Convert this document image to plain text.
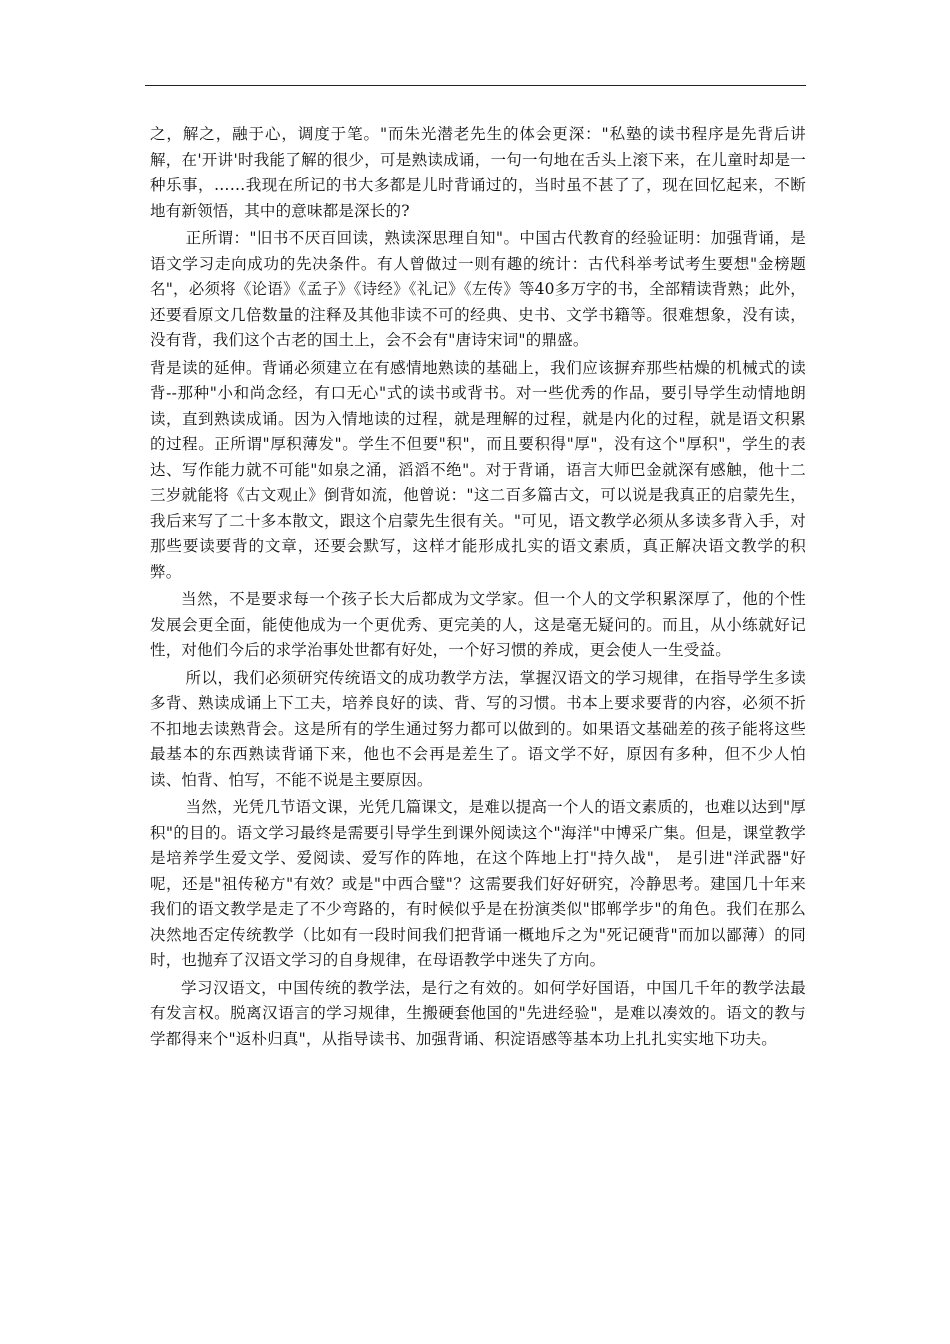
之，解之，融于心，调度于笔。"而朱光潜老先生的体会更深："私塾的读书程序是先背后讲解，在'开讲'时我能了解的很少，可是熟读成诵，一句一句地在舌头上滚下来，在儿童时却是一种乐事，……我现在所记的书大多都是儿时背诵过的，当时虽不甚了了，现在回忆起来，不断地有新领悟，其中的意味都是深长的?

正所谓："旧书不厌百回读，熟读深思理自知"。中国古代教育的经验证明：加强背诵，是语文学习走向成功的先决条件。有人曾做过一则有趣的统计：古代科举考试考生要想"金榜题名"，必须将《论语》《孟子》《诗经》《礼记》《左传》等40多万字的书，全部精读背熟；此外，还要看原文几倍数量的注释及其他非读不可的经典、史书、文学书籍等。很难想象，没有读，没有背，我们这个古老的国土上，会不会有"唐诗宋词"的鼎盛。

背是读的延伸。背诵必须建立在有感情地熟读的基础上，我们应该摒弃那些枯燥的机械式的读背--那种"小和尚念经，有口无心"式的读书或背书。对一些优秀的作品，要引导学生动情地朗读，直到熟读成诵。因为入情地读的过程，就是理解的过程，就是内化的过程，就是语文积累的过程。正所谓"厚积薄发"。学生不但要"积"，而且要积得"厚"，没有这个"厚积"，学生的表达、写作能力就不可能"如泉之涌，滔滔不绝"。对于背诵，语言大师巴金就深有感触，他十二三岁就能将《古文观止》倒背如流，他曾说："这二百多篇古文，可以说是我真正的启蒙先生，我后来写了二十多本散文，跟这个启蒙先生很有关。"可见，语文教学必须从多读多背入手，对那些要读要背的文章，还要会默写，这样才能形成扎实的语文素质，真正解决语文教学的积弊。

当然，不是要求每一个孩子长大后都成为文学家。但一个人的文学积累深厚了，他的个性发展会更全面，能使他成为一个更优秀、更完美的人，这是毫无疑问的。而且，从小练就好记性，对他们今后的求学治事处世都有好处，一个好习惯的养成，更会使人一生受益。

所以，我们必须研究传统语文的成功教学方法，掌握汉语文的学习规律，在指导学生多读多背、熟读成诵上下工夫，培养良好的读、背、写的习惯。书本上要求要背的内容，必须不折不扣地去读熟背会。这是所有的学生通过努力都可以做到的。如果语文基础差的孩子能将这些最基本的东西熟读背诵下来，他也不会再是差生了。语文学不好，原因有多种，但不少人怕读、怕背、怕写，不能不说是主要原因。

当然，光凭几节语文课，光凭几篇课文，是难以提高一个人的语文素质的，也难以达到"厚积"的目的。语文学习最终是需要引导学生到课外阅读这个"海洋"中博采广集。但是，课堂教学是培养学生爱文学、爱阅读、爱写作的阵地，在这个阵地上打"持久战"， 是引进"洋武器"好呢，还是"祖传秘方"有效？或是"中西合璧"？这需要我们好好研究，冷静思考。建国几十年来我们的语文教学是走了不少弯路的，有时候似乎是在扮演类似"邯郸学步"的角色。我们在那么决然地否定传统教学（比如有一段时间我们把背诵一概地斥之为"死记硬背"而加以鄙薄）的同时，也抛弃了汉语文学习的自身规律，在母语教学中迷失了方向。

学习汉语文，中国传统的教学法，是行之有效的。如何学好国语，中国几千年的教学法最有发言权。脱离汉语言的学习规律，生搬硬套他国的"先进经验"，是难以凑效的。语文的教与学都得来个"返朴归真"，从指导读书、加强背诵、积淀语感等基本功上扎扎实实地下功夫。
